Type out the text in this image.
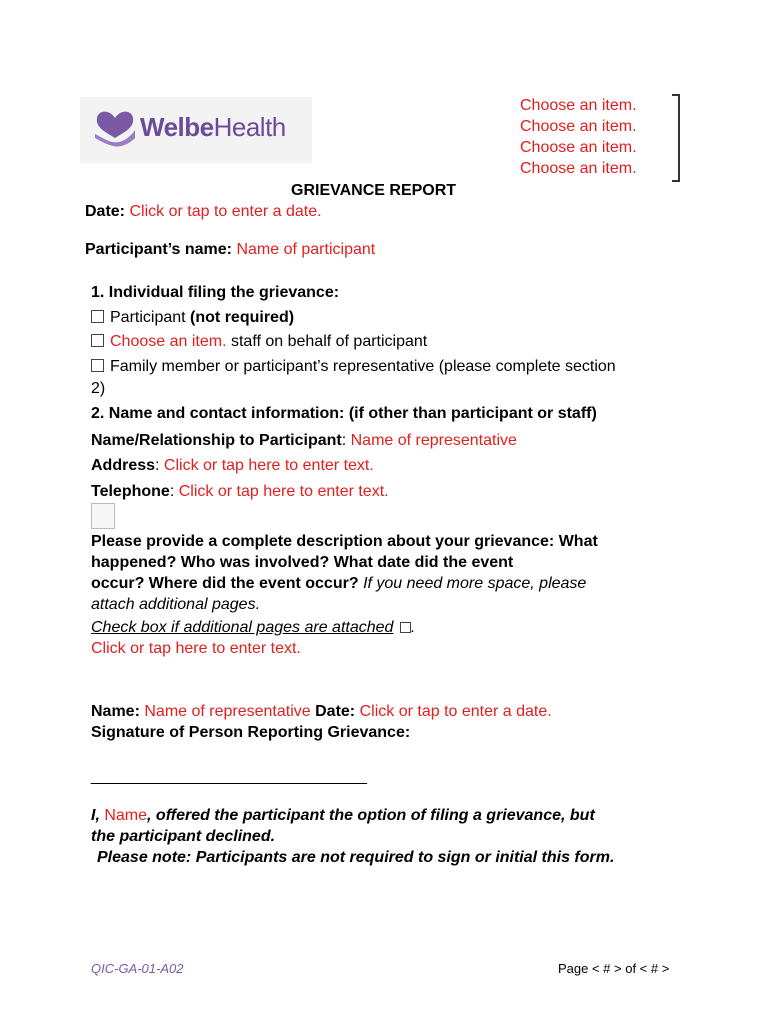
WelbeHealth
Choose an item.
Choose an item.
Choose an item.
Choose an item.
GRIEVANCE REPORT
Date: Click or tap to enter a date.
Participant’s name: Name of participant
1. Individual filing the grievance:
Participant (not required)
Choose an item. staff on behalf of participant
Family member or participant’s representative (please complete section
2)
2. Name and contact information: (if other than participant or staff)
Name/Relationship to Participant: Name of representative
Address: Click or tap here to enter text.
Telephone: Click or tap here to enter text.
Please provide a complete description about your grievance: What
happened? Who was involved? What date did the event
occur? Where did the event occur? If you need more space, please
attach additional pages.
Check box if additional pages are attached .
Click or tap here to enter text.
Name: Name of representative Date: Click or tap to enter a date.
Signature of Person Reporting Grievance:
_______________________________
I, Name, offered the participant the option of filing a grievance, but
the participant declined.
Please note: Participants are not required to sign or initial this form.
QIC-GA-01-A02	Page < # > of < # >
